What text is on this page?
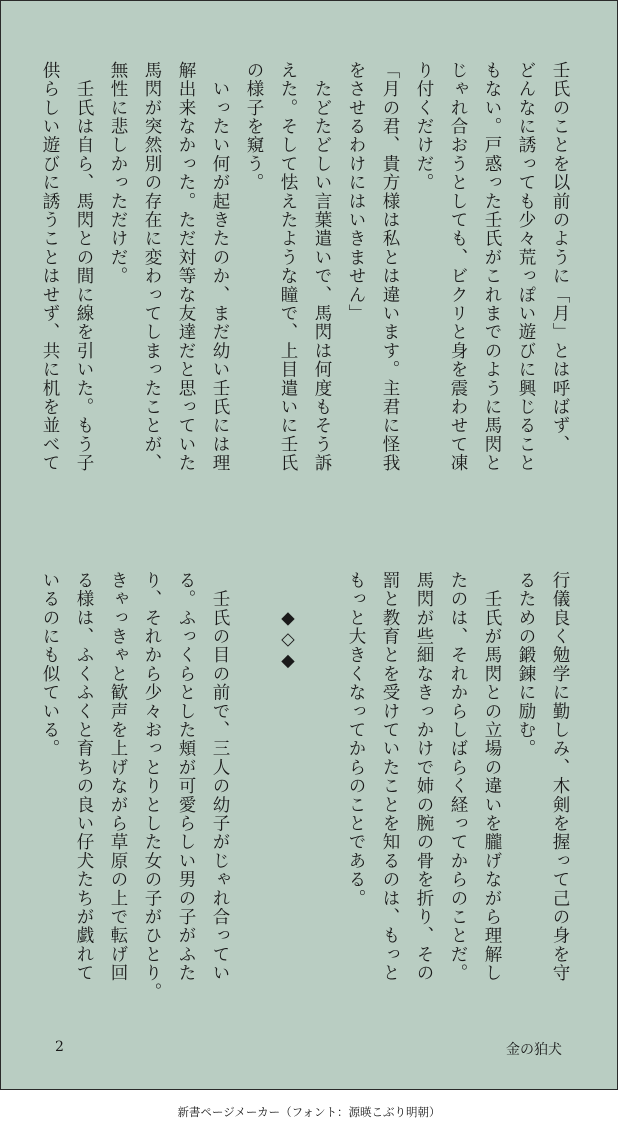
壬氏のことを以前のように「月」とは呼ばず、

どんなに誘っても少々荒っぽい遊びに興じること

もない。戸惑った壬氏がこれまでのように馬閃と

じゃれ合おうとしても、ビクリと身を震わせて凍

り付くだけだ。

「月の君、貴方様は私とは違います。主君に怪我

をさせるわけにはいきません」

　たどたどしい言葉遣いで、馬閃は何度もそう訴

えた。そして怯えたような瞳で、上目遣いに壬氏

の様子を窺う。

　いったい何が起きたのか、まだ幼い壬氏には理

解出来なかった。ただ対等な友達だと思っていた

馬閃が突然別の存在に変わってしまったことが、

無性に悲しかっただけだ。

　壬氏は自ら、馬閃との間に線を引いた。もう子

供らしい遊びに誘うことはせず、共に机を並べて

行儀良く勉学に勤しみ、木剣を握って己の身を守

るための鍛錬に励む。

　壬氏が馬閃との立場の違いを朧げながら理解し

たのは、それからしばらく経ってからのことだ。

馬閃が些細なきっかけで姉の腕の骨を折り、その

罰と教育とを受けていたことを知るのは、もっと

もっと大きくなってからのことである。

　　◆◇◆

　壬氏の目の前で、三人の幼子がじゃれ合ってい

る。ふっくらとした頬が可愛らしい男の子がふた

り、それから少々おっとりとした女の子がひとり。

きゃっきゃと歓声を上げながら草原の上で転げ回

る様は、ふくふくと育ちの良い仔犬たちが戯れて

いるのにも似ている。

2	金の狛犬
新書ページメーカー（フォント：源暎こぶり明朝）
